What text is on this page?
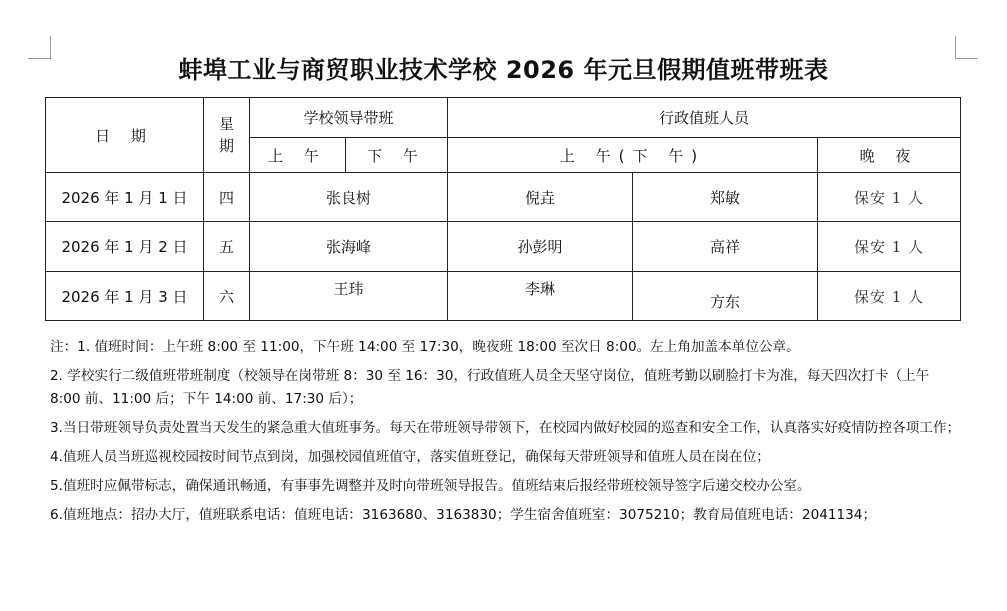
蚌埠工业与商贸职业技术学校 2026 年元旦假期值班带班表
日 期	星
期	学校领导带班		行政值班人员		
		上 午	下 午	上 午(下 午)		晚 夜
2026 年 1 月 1 日	四	张良树		倪垚	郑敏	保安 1 人
2026 年 1 月 2 日	五	张海峰		孙彭明	高祥	保安 1 人
2026 年 1 月 3 日	六	王玮		李琳	方东	保安 1 人

注：1. 值班时间：上午班 8:00 至 11:00，下午班 14:00 至 17:30，晚夜班 18:00 至次日 8:00。左上角加盖本单位公章。

2. 学校实行二级值班带班制度（校领导在岗带班 8：30 至 16：30，行政值班人员全天坚守岗位，值班考勤以刷脸打卡为准，每天四次打卡（上午 8:00 前、11:00 后；下午 14:00 前、17:30 后）；

3.当日带班领导负责处置当天发生的紧急重大值班事务。每天在带班领导带领下，在校园内做好校园的巡查和安全工作，认真落实好疫情防控各项工作；

4.值班人员当班巡视校园按时间节点到岗，加强校园值班值守，落实值班登记，确保每天带班领导和值班人员在岗在位；

5.值班时应佩带标志，确保通讯畅通，有事事先调整并及时向带班领导报告。值班结束后报经带班校领导签字后递交校办公室。

6.值班地点：招办大厅，值班联系电话：值班电话：3163680、3163830；学生宿舍值班室：3075210；教育局值班电话：2041134；
